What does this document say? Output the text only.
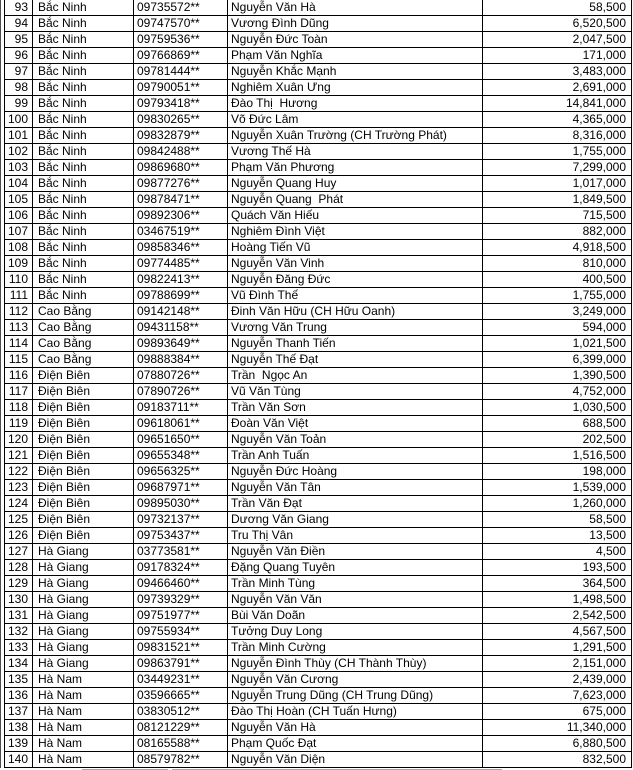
93 Bắc Ninh	09735572**	Nguyễn Văn Hà	58,500
94 Bắc Ninh	09747570**	Vương Đình Dũng	6,520,500
95 Bắc Ninh	09759536**	Nguyễn Đức Toàn	2,047,500
96 Bắc Ninh	09766869**	Phạm Văn Nghĩa	171,000
97 Bắc Ninh	09781444**	Nguyễn Khắc Mạnh	3,483,000
98 Bắc Ninh	09790051**	Nghiêm Xuân Ưng	2,691,000
99 Bắc Ninh	09793418**	Đào Thị  Hương	14,841,000
100 Bắc Ninh	09830265**	Võ Đức Lâm	4,365,000
101 Bắc Ninh	09832879**	Nguyễn Xuân Trường (CH Trường Phát)	8,316,000
102 Bắc Ninh	09842488**	Vương Thế Hà	1,755,000
103 Bắc Ninh	09869680**	Phạm Văn Phương	7,299,000
104 Bắc Ninh	09877276**	Nguyễn Quang Huy	1,017,000
105 Bắc Ninh	09878471**	Nguyễn Quang  Phát	1,849,500
106 Bắc Ninh	09892306**	Quách Văn Hiếu	715,500
107 Bắc Ninh	03467519**	Nghiêm Đình Việt	882,000
108 Bắc Ninh	09858346**	Hoàng Tiến Vũ	4,918,500
109 Bắc Ninh	09774485**	Nguyễn Văn Vinh	810,000
110 Bắc Ninh	09822413**	Nguyễn Đăng Đức	400,500
111 Bắc Ninh	09788699**	Vũ Đình Thế	1,755,000
112 Cao Bằng	09142148**	Đinh Văn Hữu (CH Hữu Oanh)	3,249,000
113 Cao Bằng	09431158**	Vương Văn Trung	594,000
114 Cao Bằng	09893649**	Nguyễn Thanh Tiến	1,021,500
115 Cao Bằng	09888384**	Nguyễn Thế Đạt	6,399,000
116 Điện Biên	07880726**	Trần  Ngọc An	1,390,500
117 Điện Biên	07890726**	Vũ Văn Tùng	4,752,000
118 Điện Biên	09183711**	Trần Văn Sơn	1,030,500
119 Điện Biên	09618061**	Đoàn Văn Việt	688,500
120 Điện Biên	09651650**	Nguyễn Văn Toản	202,500
121 Điện Biên	09655348**	Trần Anh Tuấn	1,516,500
122 Điện Biên	09656325**	Nguyễn Đức Hoàng	198,000
123 Điện Biên	09687971**	Nguyễn Văn Tân	1,539,000
124 Điện Biên	09895030**	Trần Văn Đạt	1,260,000
125 Điện Biên	09732137**	Dương Văn Giang	58,500
126 Điện Biên	09753437**	Tru Thị Vân	13,500
127 Hà Giang	03773581**	Nguyễn Văn Điền	4,500
128 Hà Giang	09178324**	Đặng Quang Tuyên	193,500
129 Hà Giang	09466460**	Trần Minh Tùng	364,500
130 Hà Giang	09739329**	Nguyễn Văn Văn	1,498,500
131 Hà Giang	09751977**	Bùi Văn Doãn	2,542,500
132 Hà Giang	09755934**	Tưởng Duy Long	4,567,500
133 Hà Giang	09831521**	Trần Minh Cường	1,291,500
134 Hà Giang	09863791**	Nguyễn Đình Thùy (CH Thành Thùy)	2,151,000
135 Hà Nam	03449231**	Nguyễn Văn Cương	2,439,000
136 Hà Nam	03596665**	Nguyễn Trung Dũng (CH Trung Dũng)	7,623,000
137 Hà Nam	03830512**	Đào Thị Hoàn (CH Tuấn Hưng)	675,000
138 Hà Nam	08121229**	Nguyễn Văn Hà	11,340,000
139 Hà Nam	08165588**	Phạm Quốc Đạt	6,880,500
140 Hà Nam	08579782**	Nguyễn Văn Diện	832,500
